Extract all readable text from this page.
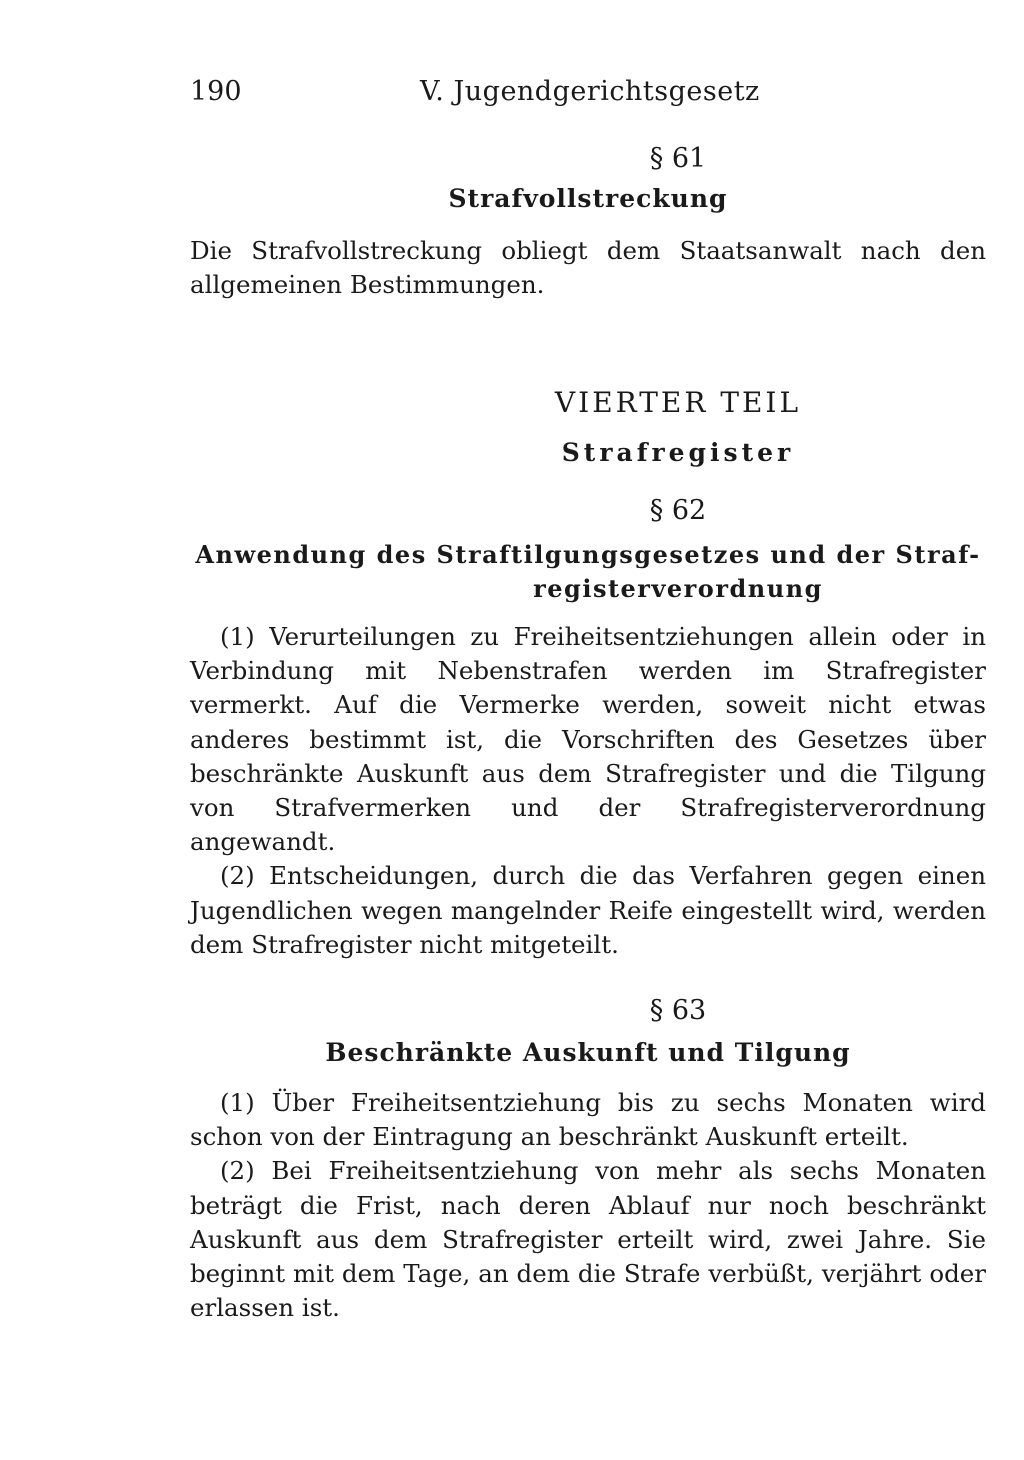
190	V. Jugendgerichtsgesetz
§ 61
Strafvollstreckung

Die Strafvollstreckung obliegt dem Staatsanwalt nach den allgemeinen Bestimmungen.

VIERTER TEIL
Strafregister
§ 62
Anwendung des Straftilgungsgesetzes und der Straf-
registerverordnung

(1) Verurteilungen zu Freiheitsentziehungen allein oder in Verbindung mit Nebenstrafen werden im Strafregister vermerkt. Auf die Vermerke werden, soweit nicht etwas anderes bestimmt ist, die Vorschriften des Gesetzes über beschränkte Auskunft aus dem Strafregister und die Tilgung von Strafvermerken und der Strafregisterverordnung angewandt.

(2) Entscheidungen, durch die das Verfahren gegen einen Jugendlichen wegen mangelnder Reife eingestellt wird, werden dem Strafregister nicht mitgeteilt.

§ 63
Beschränkte Auskunft und Tilgung

(1) Über Freiheitsentziehung bis zu sechs Monaten wird schon von der Eintragung an beschränkt Auskunft erteilt.

(2) Bei Freiheitsentziehung von mehr als sechs Monaten beträgt die Frist, nach deren Ablauf nur noch beschränkt Auskunft aus dem Strafregister erteilt wird, zwei Jahre. Sie beginnt mit dem Tage, an dem die Strafe verbüßt, verjährt oder erlassen ist.
